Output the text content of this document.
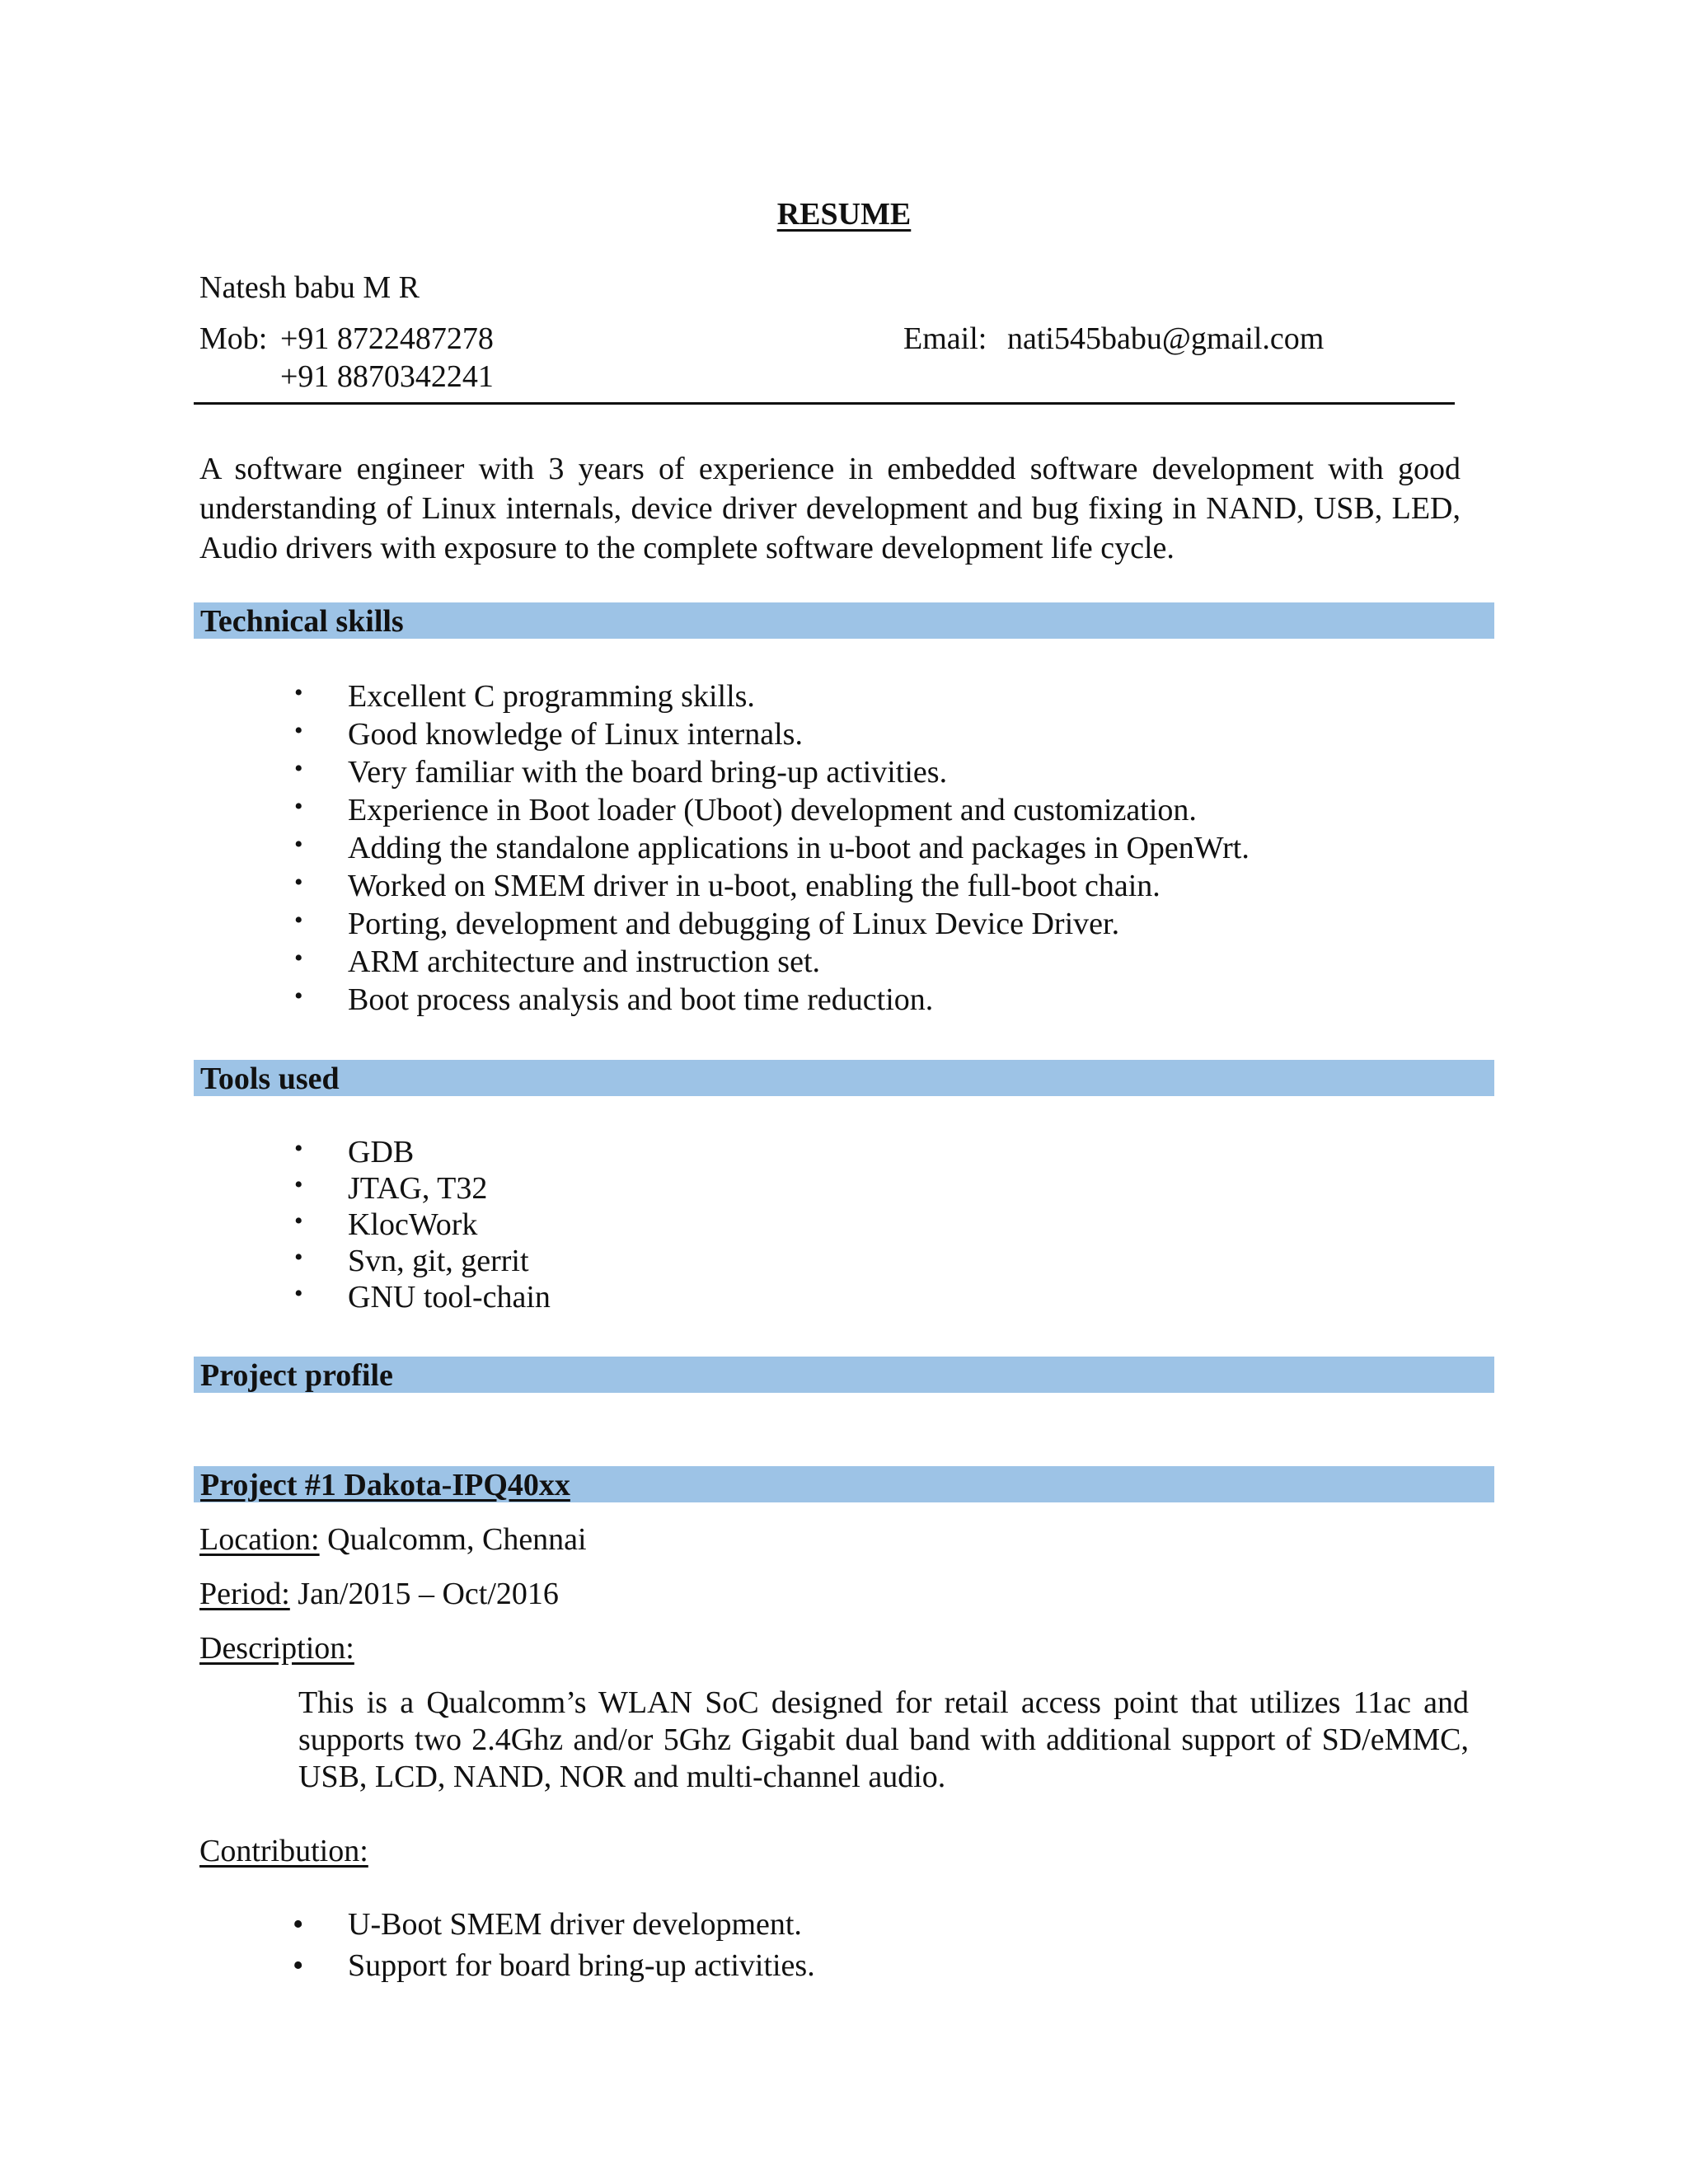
RESUME
Natesh babu M R
Mob: +91 8722487278
+91 8870342241
Email: nati545babu@gmail.com
A software engineer with 3 years of experience in embedded software development with good understanding of Linux internals, device driver development and bug fixing in NAND, USB, LED, Audio drivers with exposure to the complete software development life cycle.
Technical skills
• Excellent C programming skills.
• Good knowledge of Linux internals.
• Very familiar with the board bring-up activities.
• Experience in Boot loader (Uboot) development and customization.
• Adding the standalone applications in u-boot and packages in OpenWrt.
• Worked on SMEM driver in u-boot, enabling the full-boot chain.
• Porting, development and debugging of Linux Device Driver.
• ARM architecture and instruction set.
• Boot process analysis and boot time reduction.
Tools used
• GDB
• JTAG, T32
• KlocWork
• Svn, git, gerrit
• GNU tool-chain
Project profile
Project #1 Dakota-IPQ40xx
Location: Qualcomm, Chennai
Period: Jan/2015 – Oct/2016
Description:
This is a Qualcomm’s WLAN SoC designed for retail access point that utilizes 11ac and supports two 2.4Ghz and/or 5Ghz Gigabit dual band with additional support of SD/eMMC, USB, LCD, NAND, NOR and multi-channel audio.
Contribution:
• U-Boot SMEM driver development.
• Support for board bring-up activities.
